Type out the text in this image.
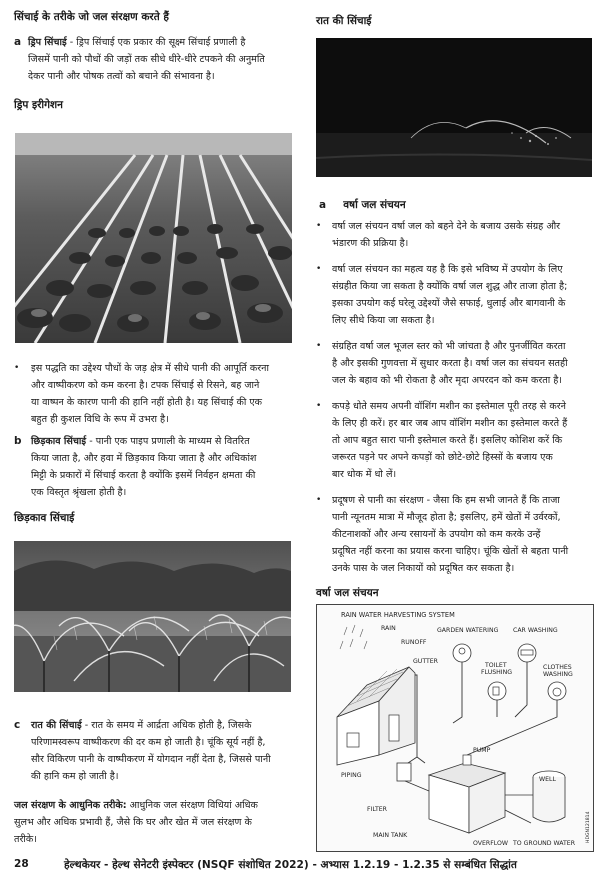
सिंचाई के तरीके जो जल संरक्षण करते हैं
a ड्रिप सिंचाई - ड्रिप सिंचाई एक प्रकार की सूक्ष्म सिंचाई प्रणाली है
जिसमें पानी को पौधों की जड़ों तक सीधे धीरे-धीरे टपकने की अनुमति
देकर पानी और पोषक तत्वों को बचाने की संभावना है।
ड्रिप इरीगेशन
• इस पद्धति का उद्देश्य पौधों के जड़ क्षेत्र में सीधे पानी की आपूर्ति करना
और वाष्पीकरण को कम करना है। टपक सिंचाई से रिसने, बह जाने
या वाष्पन के कारण पानी की हानि नहीं होती है। यह सिंचाई की एक
बहुत ही कुशल विधि के रूप में उभरा है।
b छिड़काव सिंचाई - पानी एक पाइप प्रणाली के माध्यम से वितरित
किया जाता है, और हवा में छिड़काव किया जाता है और अधिकांश
मिट्टी के प्रकारों में सिंचाई करता है क्योंकि इसमें निर्वहन क्षमता की
एक विस्तृत श्रृंखला होती है।
छिड़काव सिंचाई
c रात की सिंचाई - रात के समय में आर्द्रता अधिक होती है, जिसके
परिणामस्वरूप वाष्पीकरण की दर कम हो जाती है। चूंकि सूर्य नहीं है,
सौर विकिरण पानी के वाष्पीकरण में योगदान नहीं देता है, जिससे पानी
की हानि कम हो जाती है।
जल संरक्षण के आधुनिक तरीके: आधुनिक जल संरक्षण विधियां अधिक
सुलभ और अधिक प्रभावी हैं, जैसे कि घर और खेत में जल संरक्षण के
तरीके।
रात की सिंचाई
a वर्षा जल संचयन
• वर्षा जल संचयन वर्षा जल को बहने देने के बजाय उसके संग्रह और
भंडारण की प्रक्रिया है।
• वर्षा जल संचयन का महत्व यह है कि इसे भविष्य में उपयोग के लिए
संग्रहीत किया जा सकता है क्योंकि वर्षा जल शुद्ध और ताजा होता है;
इसका उपयोग कई घरेलू उद्देश्यों जैसे सफाई, धुलाई और बागवानी के
लिए सीधे किया जा सकता है।
• संग्रहित वर्षा जल भूजल स्तर को भी जांचता है और पुनर्जीवित करता
है और इसकी गुणवत्ता में सुधार करता है। वर्षा जल का संचयन सतही
जल के बहाव को भी रोकता है और मृदा अपरदन को कम करता है।
• कपड़े धोते समय अपनी वॉशिंग मशीन का इस्तेमाल पूरी तरह से करने
के लिए ही करें। हर बार जब आप वॉशिंग मशीन का इस्तेमाल करते हैं
तो आप बहुत सारा पानी इस्तेमाल करते हैं। इसलिए कोशिश करें कि
जरूरत पड़ने पर अपने कपड़ों को छोटे-छोटे हिस्सों के बजाय एक
बार धोक में धो लें।
• प्रदूषण से पानी का संरक्षण - जैसा कि हम सभी जानते हैं कि ताजा
पानी न्यूनतम मात्रा में मौजूद होता है; इसलिए, हमें खेतों में उर्वरकों,
कीटनाशकों और अन्य रसायनों के उपयोग को कम करके उन्हें
प्रदूषित नहीं करना का प्रयास करना चाहिए। चूंकि खेतों से बहता पानी
उनके पास के जल निकायों को प्रदूषित कर सकता है।
वर्षा जल संचयन
RAIN WATER HARVESTING SYSTEM
RAIN
RUNOFF
GUTTER
GARDEN WATERING CAR WASHING
TOILET
FLUSHING
CLOTHES
WASHING
PIPING
FILTER
PUMP
MAIN TANK
WELL
OVERFLOW TO GROUND WATER
HDGN121814
28	हेल्थकेयर - हेल्थ सेनेटरी इंस्पेक्टर (NSQF संशोधित 2022) - अभ्यास 1.2.19 - 1.2.35 से सम्बंधित सिद्धांत
